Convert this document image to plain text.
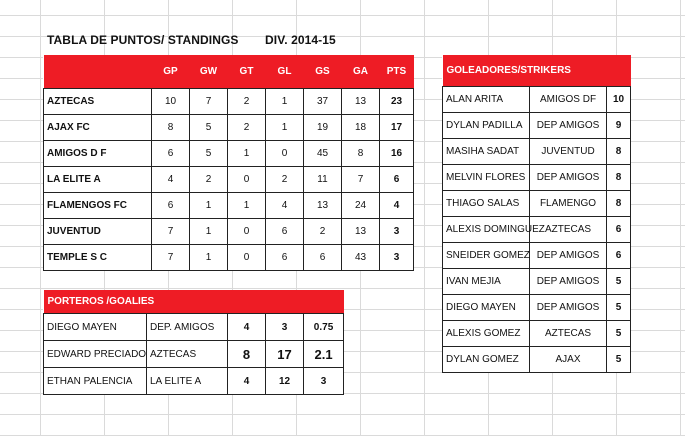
TABLA DE PUNTOS/ STANDINGS DIV. 2014-15
	GP	GW	GT	GL	GS	GA	PTS
AZTECAS	10	7	2	1	37	13	23
AJAX FC	8	5	2	1	19	18	17
AMIGOS D F	6	5	1	0	45	8	16
LA ELITE A	4	2	0	2	11	7	6
FLAMENGOS FC	6	1	1	4	13	24	4
JUVENTUD	7	1	0	6	2	13	3
TEMPLE S C	7	1	0	6	6	43	3
GOLEADORES/STRIKERS		
ALAN ARITA	AMIGOS DF	10
DYLAN PADILLA	DEP AMIGOS	9
MASIHA SADAT	JUVENTUD	8
MELVIN FLORES	DEP AMIGOS	8
THIAGO SALAS	FLAMENGO	8
ALEXIS DOMINGUEZ	AZTECAS	6
SNEIDER GOMEZ	DEP AMIGOS	6
IVAN MEJIA	DEP AMIGOS	5
DIEGO MAYEN	DEP AMIGOS	5
ALEXIS GOMEZ	AZTECAS	5
DYLAN GOMEZ	AJAX	5
PORTEROS /GOALIES				
DIEGO MAYEN	DEP. AMIGOS	4	3	0.75
EDWARD PRECIADO	AZTECAS	8	17	2.1
ETHAN PALENCIA	LA ELITE A	4	12	3
